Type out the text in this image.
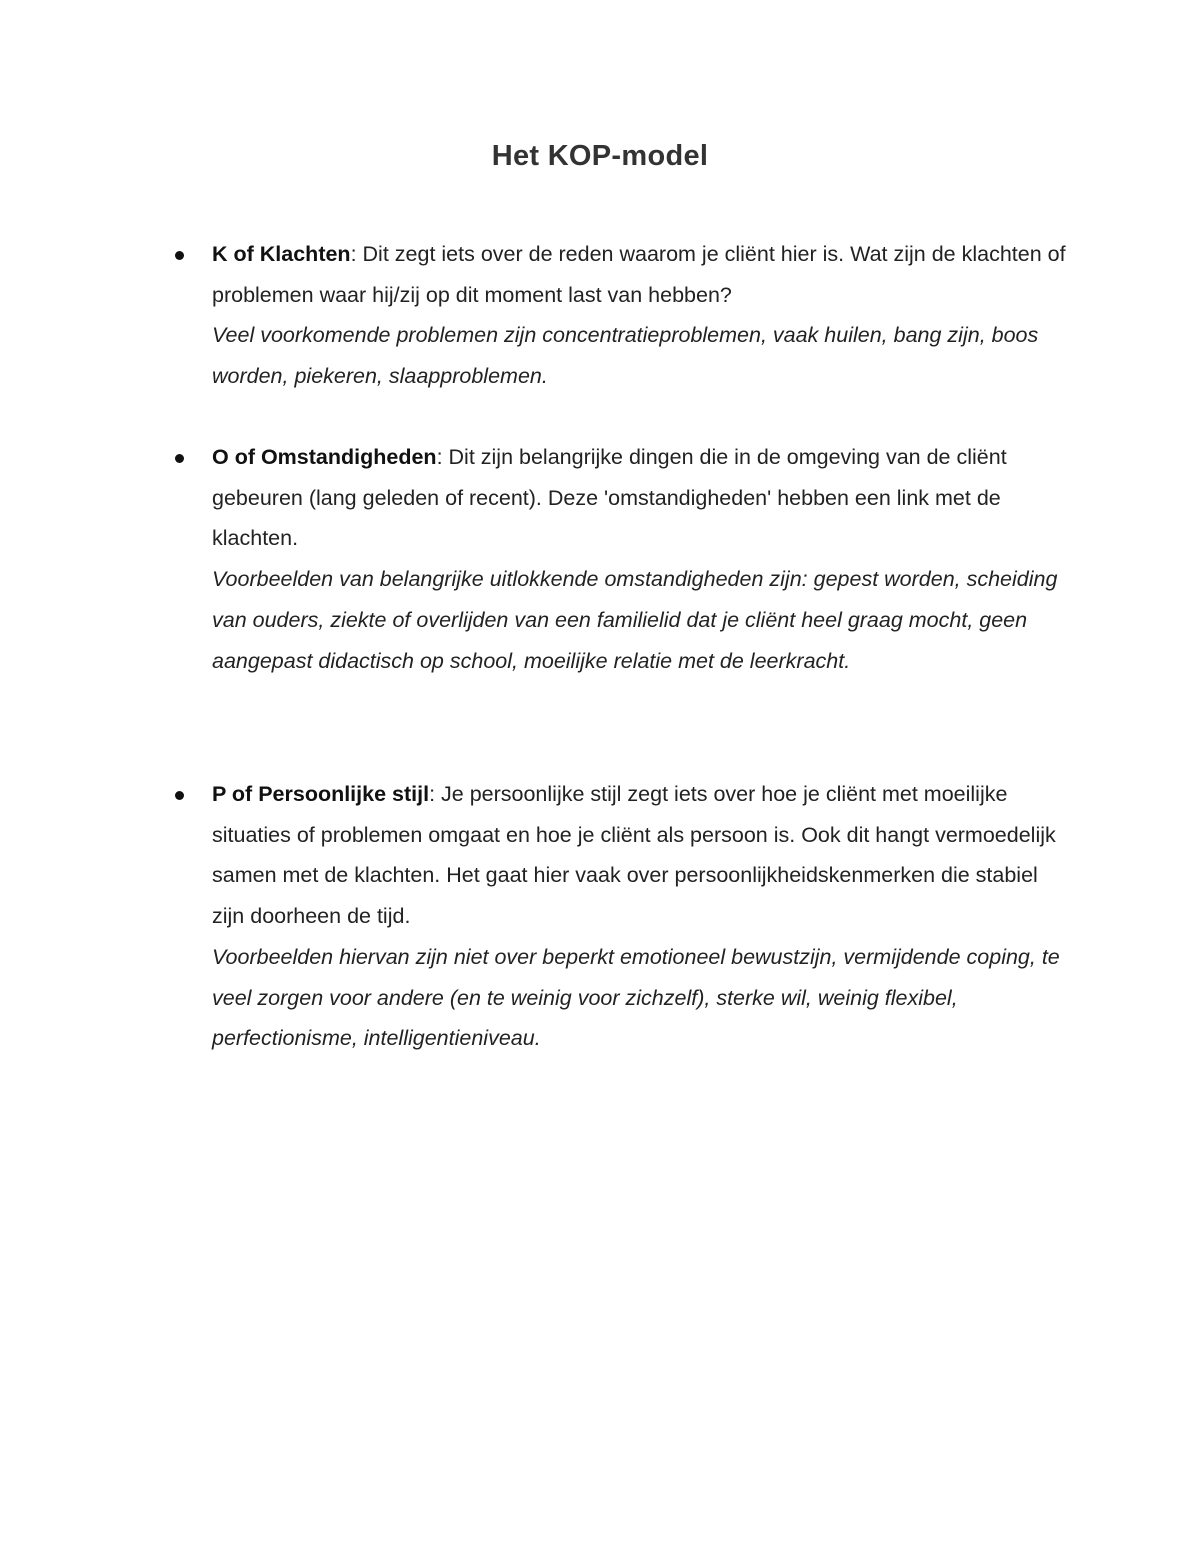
Het KOP-model
K of Klachten: Dit zegt iets over de reden waarom je cliënt hier is. Wat zijn de klachten of problemen waar hij/zij op dit moment last van hebben?
Veel voorkomende problemen zijn concentratieproblemen, vaak huilen, bang zijn, boos worden, piekeren, slaapproblemen.
O of Omstandigheden: Dit zijn belangrijke dingen die in de omgeving van de cliënt gebeuren (lang geleden of recent). Deze 'omstandigheden' hebben een link met de klachten.
Voorbeelden van belangrijke uitlokkende omstandigheden zijn: gepest worden, scheiding van ouders, ziekte of overlijden van een familielid dat je cliënt heel graag mocht, geen aangepast didactisch op school, moeilijke relatie met de leerkracht.
P of Persoonlijke stijl: Je persoonlijke stijl zegt iets over hoe je cliënt met moeilijke situaties of problemen omgaat en hoe je cliënt als persoon is. Ook dit hangt vermoedelijk samen met de klachten. Het gaat hier vaak over persoonlijkheidskenmerken die stabiel zijn doorheen de tijd.
Voorbeelden hiervan zijn niet over beperkt emotioneel bewustzijn, vermijdende coping, te veel zorgen voor andere (en te weinig voor zichzelf), sterke wil, weinig flexibel, perfectionisme, intelligentieniveau.
